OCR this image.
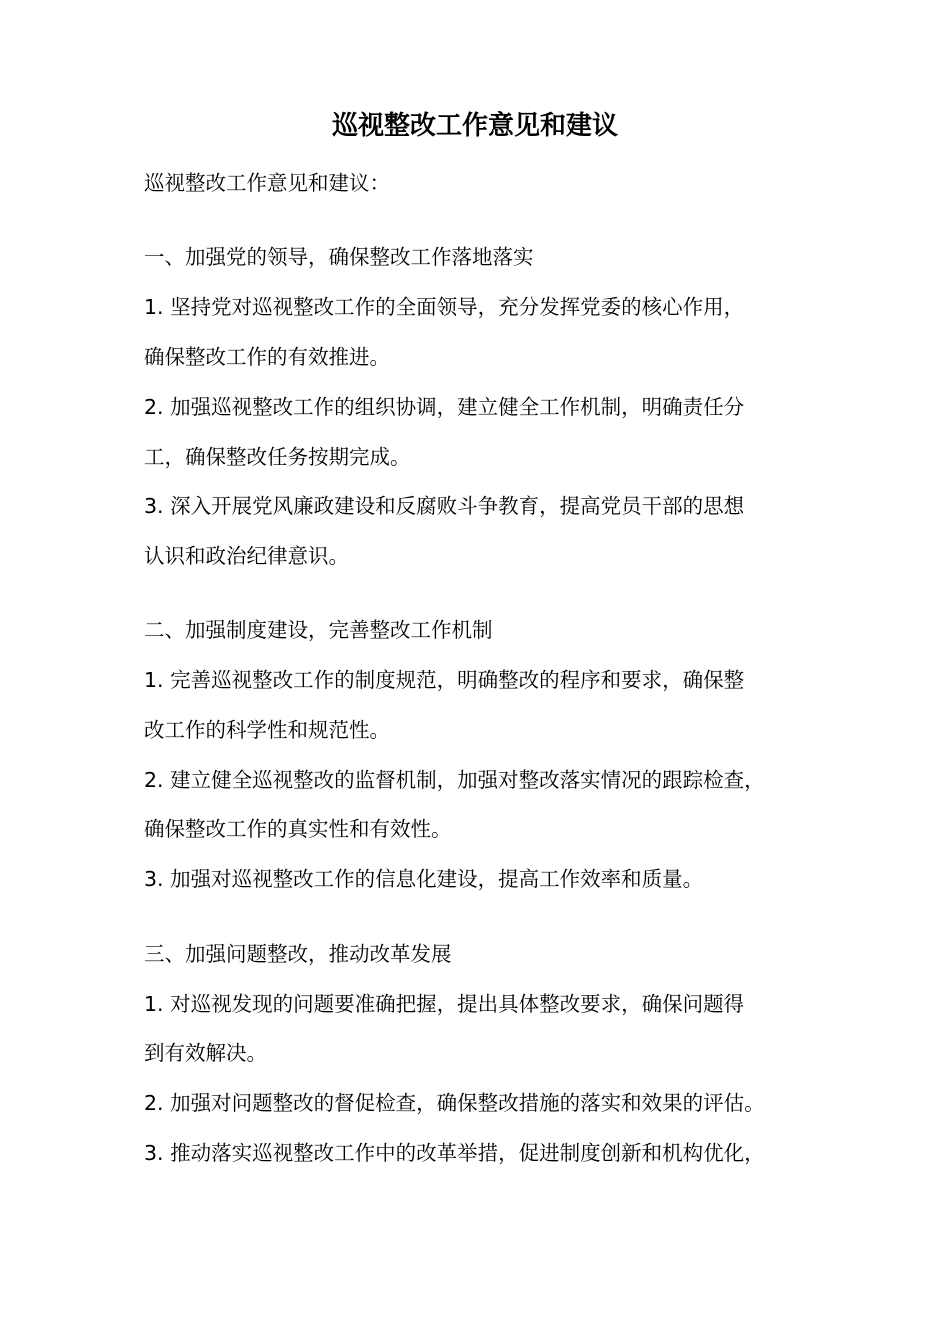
巡视整改工作意见和建议
巡视整改工作意见和建议：
一、加强党的领导，确保整改工作落地落实
1. 坚持党对巡视整改工作的全面领导，充分发挥党委的核心作用，
确保整改工作的有效推进。
2. 加强巡视整改工作的组织协调，建立健全工作机制，明确责任分
工，确保整改任务按期完成。
3. 深入开展党风廉政建设和反腐败斗争教育，提高党员干部的思想
认识和政治纪律意识。
二、加强制度建设，完善整改工作机制
1. 完善巡视整改工作的制度规范，明确整改的程序和要求，确保整
改工作的科学性和规范性。
2. 建立健全巡视整改的监督机制，加强对整改落实情况的跟踪检查，
确保整改工作的真实性和有效性。
3. 加强对巡视整改工作的信息化建设，提高工作效率和质量。
三、加强问题整改，推动改革发展
1. 对巡视发现的问题要准确把握，提出具体整改要求，确保问题得
到有效解决。
2. 加强对问题整改的督促检查，确保整改措施的落实和效果的评估。
3. 推动落实巡视整改工作中的改革举措，促进制度创新和机构优化，
